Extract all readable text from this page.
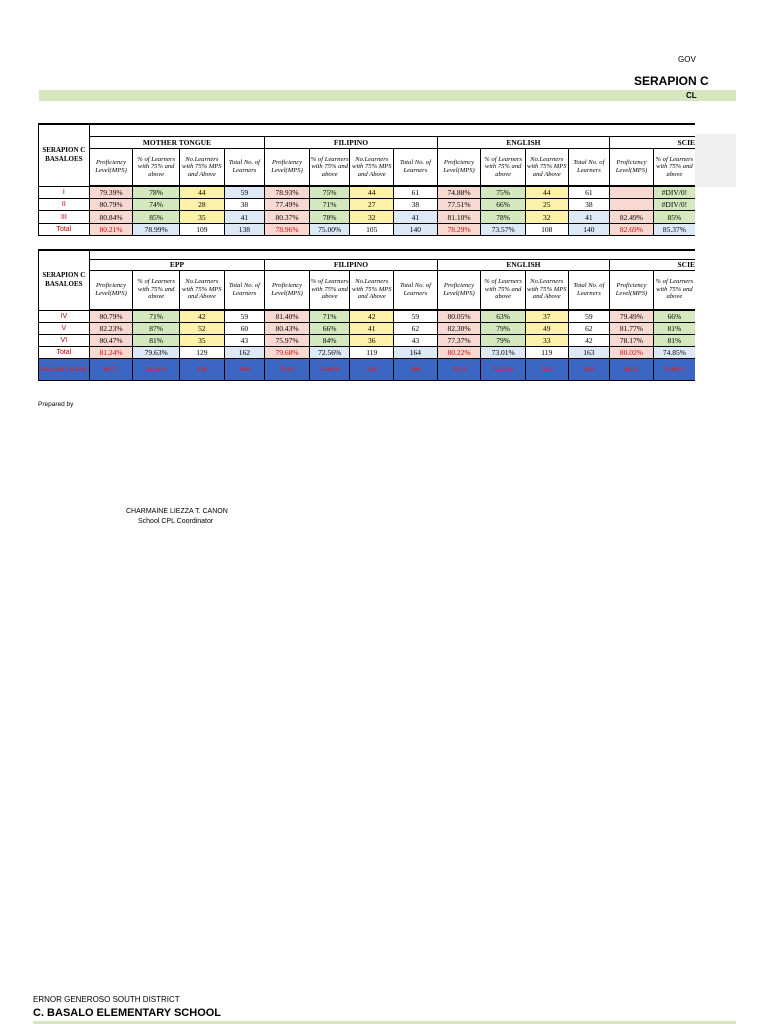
GOV
SERAPION C
CL
SERAPION C BASALOES														
	MOTHER TONGUE				FILIPINO				ENGLISH				SCIE	
	Proficiency Level(MPS)	% of Learners with 75% and above	No.Learners with 75% MPS and Above	Total No. of Learners	Proficiency Level(MPS)	% of Learners with 75% and above	No.Learners with 75% MPS and Above	Total No. of Learners	Proficiency Level(MPS)	% of Learners with 75% and above	No.Learners with 75% MPS and Above	Total No. of Learners	Proficiency Level(MPS)	% of Learners with 75% and above

I	79.39%	78%	44	59	78.93%	75%	44	61	74.88%	75%	44	61		#DIV/0!
II	80.79%	74%	28	38	77.49%	71%	27	38	77.51%	66%	25	38		#DIV/0!
III	80.84%	85%	35	41	80.37%	78%	32	41	81.10%	78%	32	41	82.49%	85%
Total	80.21%	78.99%	109	138	78.96%	75.00%	105	140	78.29%	73.57%	108	140	82.69%	85.37%
SERAPION C BASALOES														
	EPP				FILIPINO				ENGLISH				SCIE	
	Proficiency Level(MPS)	% of Learners with 75% and above	No.Learners with 75% MPS and Above	Total No. of Learners	Proficiency Level(MPS)	% of Learners with 75% and above	No.Learners with 75% MPS and Above	Total No. of Learners	Proficiency Level(MPS)	% of Learners with 75% and above	No.Learners with 75% MPS and Above	Total No. of Learners	Proficiency Level(MPS)	% of Learners with 75% and above

IV	80.79%	71%	42	59	81.40%	71%	42	59	80.05%	63%	37	59	79.49%	66%
V	82.23%	87%	52	60	80.43%	66%	41	62	82.30%	79%	49	62	81.77%	81%
VI	80.47%	81%	35	43	75.97%	84%	36	43	77.37%	79%	33	42	78.17%	81%
Total	81.24%	79.63%	129	162	79.68%	72.56%	119	164	80.22%	73.01%	119	163	80.02%	74.85%
GRAND TOTAL	80.77	79.31%	238	300	79.35	73.68%	224	304	79.31	73.27%	222	303	80.55	76.96%
Prepared by
CHARMAINE LIEZZA T. CANON
School CPL Coordinator
ERNOR GENEROSO SOUTH DISTRICT
C. BASALO ELEMENTARY SCHOOL
